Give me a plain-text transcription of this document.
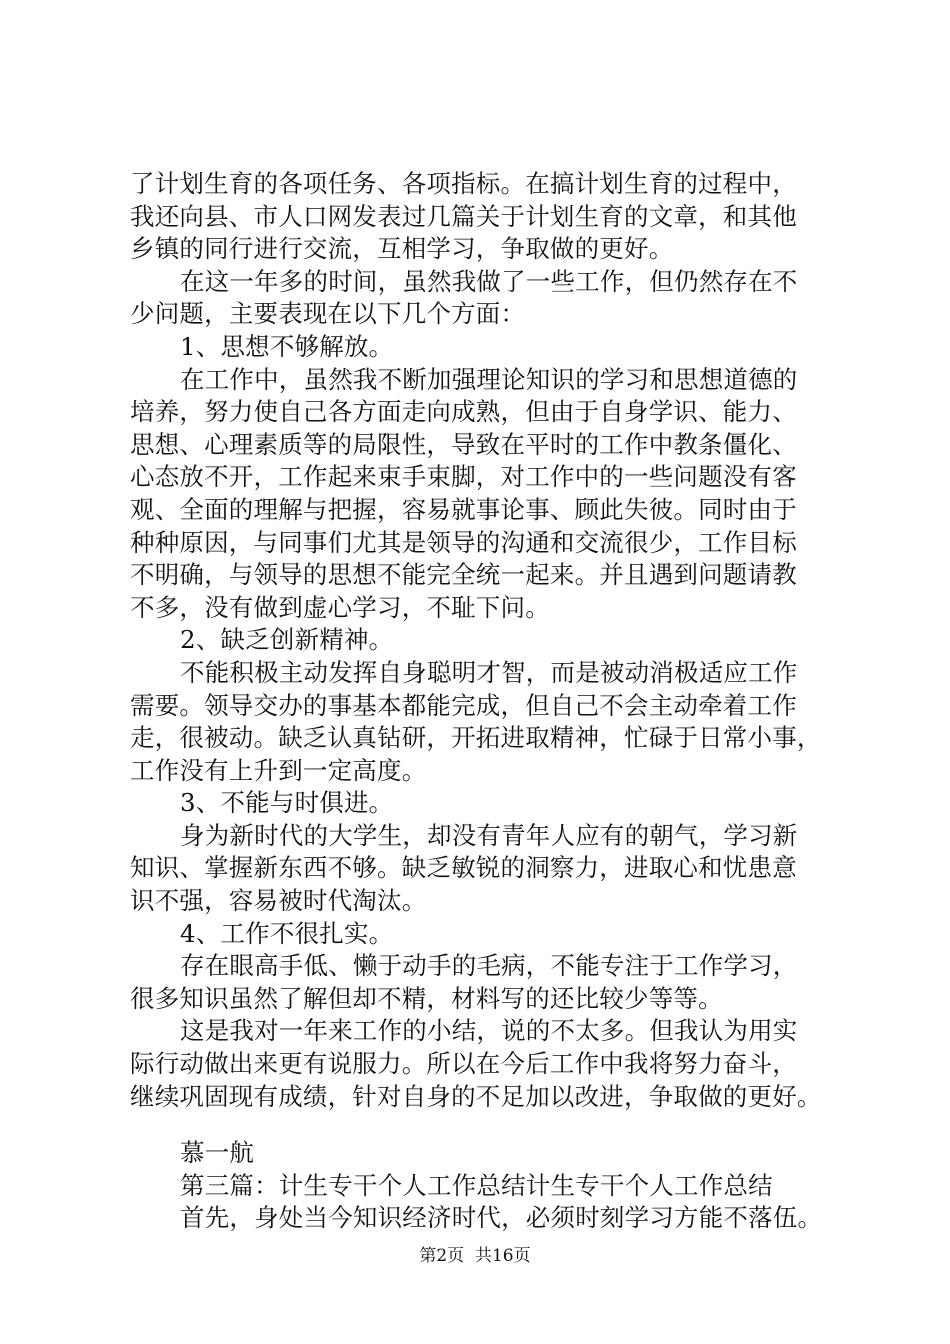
了计划生育的各项任务、各项指标。在搞计划生育的过程中，
我还向县、市人口网发表过几篇关于计划生育的文章，和其他
乡镇的同行进行交流，互相学习，争取做的更好。
在这一年多的时间，虽然我做了一些工作，但仍然存在不
少问题，主要表现在以下几个方面：
1、思想不够解放。
在工作中，虽然我不断加强理论知识的学习和思想道德的
培养，努力使自己各方面走向成熟，但由于自身学识、能力、
思想、心理素质等的局限性，导致在平时的工作中教条僵化、
心态放不开，工作起来束手束脚，对工作中的一些问题没有客
观、全面的理解与把握，容易就事论事、顾此失彼。同时由于
种种原因，与同事们尤其是领导的沟通和交流很少，工作目标
不明确，与领导的思想不能完全统一起来。并且遇到问题请教
不多，没有做到虚心学习，不耻下问。
2、缺乏创新精神。
不能积极主动发挥自身聪明才智，而是被动消极适应工作
需要。领导交办的事基本都能完成，但自己不会主动牵着工作
走，很被动。缺乏认真钻研，开拓进取精神，忙碌于日常小事，
工作没有上升到一定高度。
3、不能与时俱进。
身为新时代的大学生，却没有青年人应有的朝气，学习新
知识、掌握新东西不够。缺乏敏锐的洞察力，进取心和忧患意
识不强，容易被时代淘汰。
4、工作不很扎实。
存在眼高手低、懒于动手的毛病，不能专注于工作学习，
很多知识虽然了解但却不精，材料写的还比较少等等。
这是我对一年来工作的小结，说的不太多。但我认为用实
际行动做出来更有说服力。所以在今后工作中我将努力奋斗，
继续巩固现有成绩，针对自身的不足加以改进，争取做的更好。
慕一航
第三篇：计生专干个人工作总结计生专干个人工作总结
首先，身处当今知识经济时代，必须时刻学习方能不落伍。
第2页  共16页
